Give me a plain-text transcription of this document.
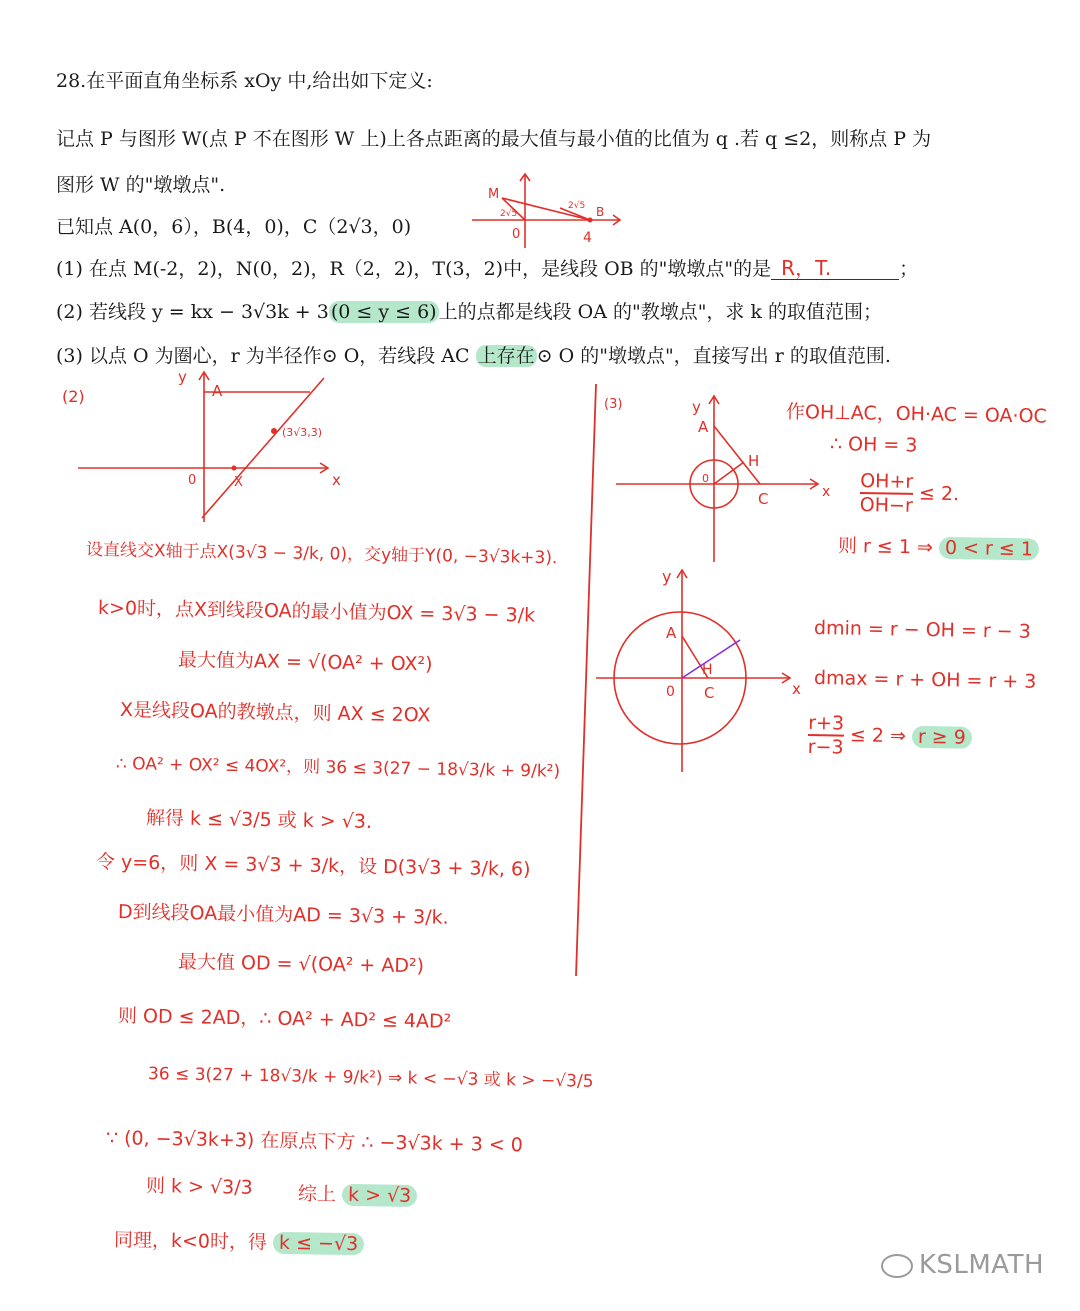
28.在平面直角坐标系 xOy 中,给出如下定义:
记点 P 与图形 W(点 P 不在图形 W 上)上各点距离的最大值与最小值的比值为 q .若 q ≤2，则称点 P 为
图形 W 的"墩墩点".
已知点 A(0，6），B(4，0)，C（2√3，0)
(1) 在点 M(-2，2)，N(0，2)，R（2，2)，T(3，2)中，是线段 OB 的"墩墩点"的是 R，T.	；
(2) 若线段 y = kx − 3√3k + 3 (0 ≤ y ≤ 6) 上的点都是线段 OA 的"教墩点"，求 k 的取值范围；
(3) 以点 O 为圈心，r 为半径作⊙ O，若线段 AC 上存在 ⊙ O 的"墩墩点"，直接写出 r 的取值范围.
M
2√5
2√5
0	4
B
(2)
y
A
(3√3,3)
0	X	x
(3)	y
A
H
0
C	x
y
A
H
0 C	x
设直线交X轴于点X(3√3 − 3/k, 0)，交y轴于Y(0, −3√3k+3).
k>0时，点X到线段OA的最小值为OX = 3√3 − 3/k
最大值为AX = √(OA² + OX²)
X是线段OA的教墩点，则 AX ≤ 2OX
∴ OA² + OX² ≤ 4OX²，则 36 ≤ 3(27 − 18√3/k + 9/k²)
解得 k ≤ √3/5 或 k > √3.
令 y=6，则 X = 3√3 + 3/k，设 D(3√3 + 3/k, 6)
D到线段OA最小值为AD = 3√3 + 3/k.
最大值 OD = √(OA² + AD²)
则 OD ≤ 2AD，∴ OA² + AD² ≤ 4AD²
36 ≤ 3(27 + 18√3/k + 9/k²) ⇒ k < −√3 或 k > −√3/5
∵ (0, −3√3k+3) 在原点下方 ∴ −3√3k + 3 < 0
则 k > √3/3 综上 k > √3
同理，k<0时，得 k ≤ −√3
作OH⊥AC，OH·AC = OA·OC
∴ OH = 3
$\frac{OH+r}{OH-r} \le 2$.
则 r ≤ 1 ⇒ 0 < r ≤ 1
dmin = r − OH = r − 3
dmax = r + OH = r + 3
$\frac{r+3}{r-3} \le 2$ ⇒ r ≥ 9
KSLMATH
